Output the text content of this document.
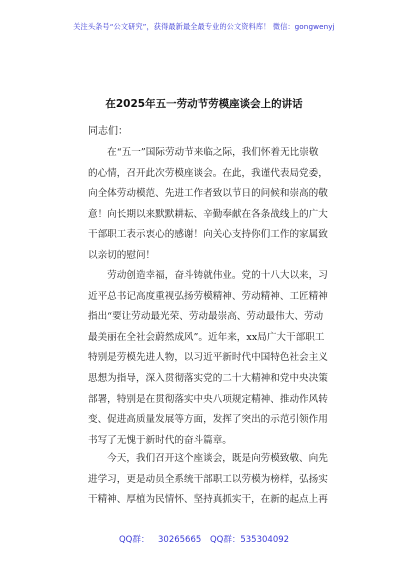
关注头条号“公文研究”，获得最新最全最专业的公文资料库！ 微信：gongwenyj
在2025年五一劳动节劳模座谈会上的讲话
同志们：
　　在“五一”国际劳动节来临之际，我们怀着无比崇敬
的心情，召开此次劳模座谈会。在此，我谨代表局党委，
向全体劳动模范、先进工作者致以节日的问候和崇高的敬
意！向长期以来默默耕耘、辛勤奉献在各条战线上的广大
干部职工表示衷心的感谢！向关心支持你们工作的家属致
以亲切的慰问！
　　劳动创造幸福，奋斗铸就伟业。党的十八大以来，习
近平总书记高度重视弘扬劳模精神、劳动精神、工匠精神
指出“要让劳动最光荣、劳动最崇高、劳动最伟大、劳动
最美丽在全社会蔚然成风”。近年来，xx局广大干部职工
特别是劳模先进人物，以习近平新时代中国特色社会主义
思想为指导，深入贯彻落实党的二十大精神和党中央决策
部署，特别是在贯彻落实中央八项规定精神、推动作风转
变、促进高质量发展等方面，发挥了突出的示范引领作用
书写了无愧于新时代的奋斗篇章。
　　今天，我们召开这个座谈会，既是向劳模致敬、向先
进学习，更是动员全系统干部职工以劳模为榜样，弘扬实
干精神、厚植为民情怀、坚持真抓实干，在新的起点上再
QQ群： 30265665 QQ群：535304092
